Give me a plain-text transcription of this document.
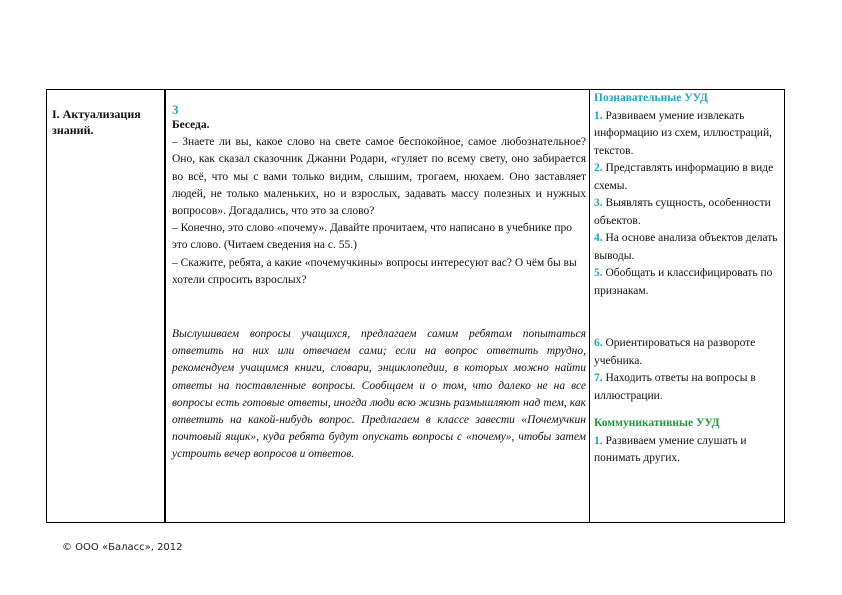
I. Актуализация знаний.
3
Беседа.

– Знаете ли вы, какое слово на свете самое беспокойное, самое любознательное? Оно, как сказал сказочник Джанни Родари, «гуляет по всему свету, оно забирается во всё, что мы с вами только видим, слышим, трогаем, нюхаем. Оно заставляет людей, не только маленьких, но и взрослых, задавать массу полезных и нужных вопросов». Догадались, что это за слово?

– Конечно, это слово «почему». Давайте прочитаем, что написано в учебнике про это слово. (Читаем сведения на с. 55.)

– Скажите, ребята, а какие «почемучкины» вопросы интересуют вас? О чём бы вы хотели спросить взрослых?

Выслушиваем вопросы учащихся, предлагаем самим ребятам попытаться ответить на них или отвечаем сами; если на вопрос ответить трудно, рекомендуем учащимся книги, словари, энциклопедии, в которых можно найти ответы на поставленные вопросы. Сообщаем и о том, что далеко не на все вопросы есть готовые ответы, иногда люди всю жизнь размышляют над тем, как ответить на какой-нибудь вопрос. Предлагаем в классе завести «Почемучкин почтовый ящик», куда ребята будут опускать вопросы с «почему», чтобы затем устроить вечер вопросов и ответов.

Познавательные УУД

1. Развиваем умение извлекать информацию из схем, иллюстраций, текстов.

2. Представлять информацию в виде схемы.

3. Выявлять сущность, особенности объектов.

4. На основе анализа объектов делать выводы.

5. Обобщать и классифицировать по признакам.

6. Ориентироваться на развороте учебника.

7. Находить ответы на вопросы в иллюстрации.

Коммуникативные УУД

1. Развиваем умение слушать и понимать других.

© ООО «Баласс», 2012
